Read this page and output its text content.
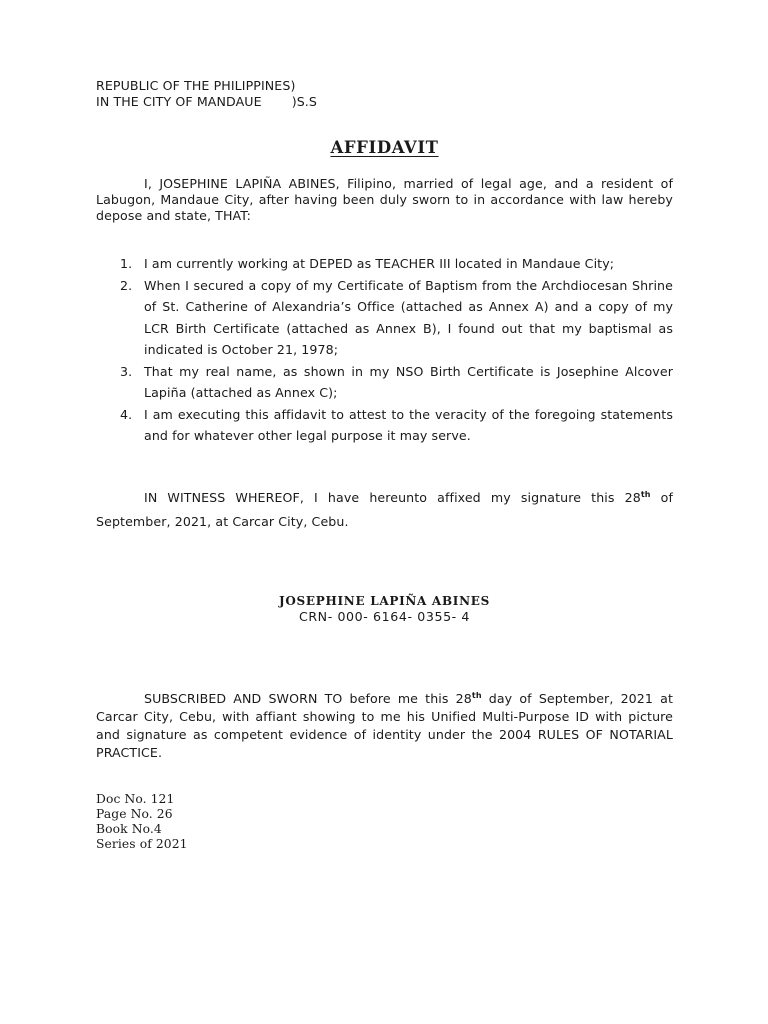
REPUBLIC OF THE PHILIPPINES)
IN THE CITY OF MANDAUE )S.S
AFFIDAVIT

I, JOSEPHINE LAPIÑA ABINES, Filipino, married of legal age, and a resident of Labugon, Mandaue City, after having been duly sworn to in accordance with law hereby depose and state, THAT:

1. I am currently working at DEPED as TEACHER III located in Mandaue City;
2. When I secured a copy of my Certificate of Baptism from the Archdiocesan Shrine of St. Catherine of Alexandria’s Office (attached as Annex A) and a copy of my LCR Birth Certificate (attached as Annex B), I found out that my baptismal as indicated is October 21, 1978;
3. That my real name, as shown in my NSO Birth Certificate is Josephine Alcover Lapiña (attached as Annex C);
4. I am executing this affidavit to attest to the veracity of the foregoing statements and for whatever other legal purpose it may serve.

IN WITNESS WHEREOF, I have hereunto affixed my signature this 28th of September, 2021, at Carcar City, Cebu.

JOSEPHINE LAPIÑA ABINES
CRN- 000- 6164- 0355- 4

SUBSCRIBED AND SWORN TO before me this 28th day of September, 2021 at Carcar City, Cebu, with affiant showing to me his Unified Multi-Purpose ID with picture and signature as competent evidence of identity under the 2004 RULES OF NOTARIAL PRACTICE.

Doc No. 121
Page No. 26
Book No.4
Series of 2021
